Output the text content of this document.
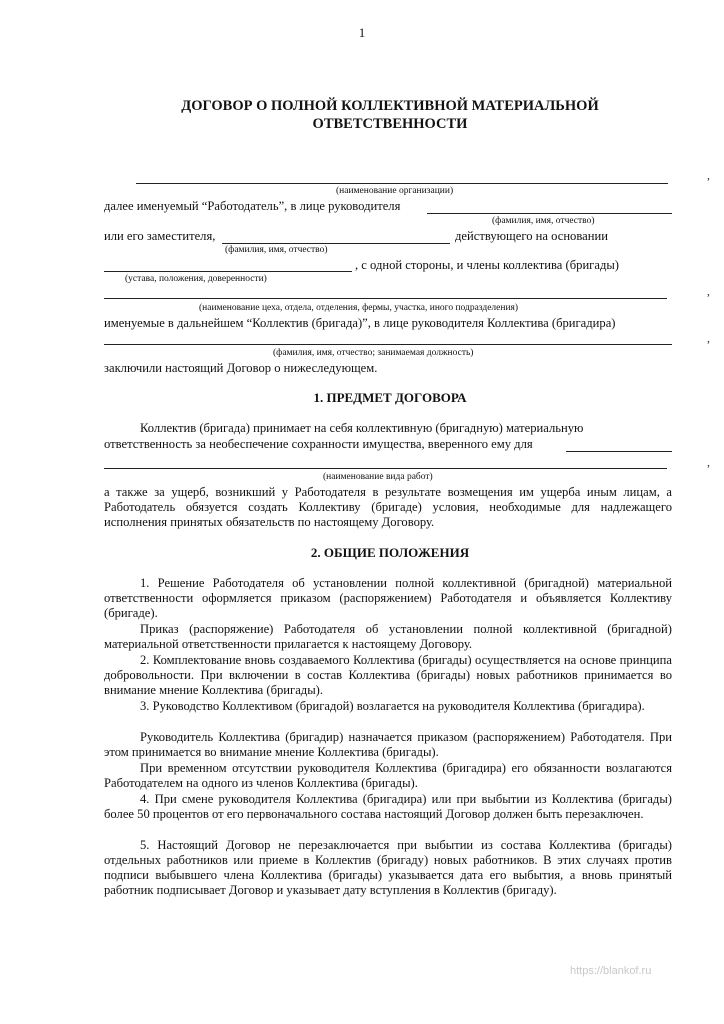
1
ДОГОВОР О ПОЛНОЙ КОЛЛЕКТИВНОЙ МАТЕРИАЛЬНОЙ
ОТВЕТСТВЕННОСТИ
,
(наименование организации)
далее именуемый “Работодатель”, в лице руководителя
(фамилия, имя, отчество)
или его заместителя,	действующего на основании
(фамилия, имя, отчество)
, с одной стороны, и члены коллектива (бригады)
(устава, положения, доверенности)
,
(наименование цеха, отдела, отделения, фермы, участка, иного подразделения)
именуемые в дальнейшем “Коллектив (бригада)”, в лице руководителя Коллектива (бригадира)
,
(фамилия, имя, отчество; занимаемая должность)
заключили настоящий Договор о нижеследующем.
1. ПРЕДМЕТ ДОГОВОРА
Коллектив (бригада) принимает на себя коллективную (бригадную) материальную
ответственность за необеспечение сохранности имущества, вверенного ему для
,
(наименование вида работ)
а также за ущерб, возникший у Работодателя в результате возмещения им ущерба иным лицам, а Работодатель обязуется создать Коллективу (бригаде) условия, необходимые для надлежащего исполнения принятых обязательств по настоящему Договору.
2. ОБЩИЕ ПОЛОЖЕНИЯ
1. Решение Работодателя об установлении полной коллективной (бригадной) материальной ответственности оформляется приказом (распоряжением) Работодателя и объявляется Коллективу (бригаде).
Приказ (распоряжение) Работодателя об установлении полной коллективной (бригадной) материальной ответственности прилагается к настоящему Договору.
2. Комплектование вновь создаваемого Коллектива (бригады) осуществляется на основе принципа добровольности. При включении в состав Коллектива (бригады) новых работников принимается во внимание мнение Коллектива (бригады).
3. Руководство Коллективом (бригадой) возлагается на руководителя Коллектива (бригадира).
Руководитель Коллектива (бригадир) назначается приказом (распоряжением) Работодателя. При этом принимается во внимание мнение Коллектива (бригады).
При временном отсутствии руководителя Коллектива (бригадира) его обязанности возлагаются Работодателем на одного из членов Коллектива (бригады).
4. При смене руководителя Коллектива (бригадира) или при выбытии из Коллектива (бригады) более 50 процентов от его первоначального состава настоящий Договор должен быть перезаключен.
5. Настоящий Договор не перезаключается при выбытии из состава Коллектива (бригады) отдельных работников или приеме в Коллектив (бригаду) новых работников. В этих случаях против подписи выбывшего члена Коллектива (бригады) указывается дата его выбытия, а вновь принятый работник подписывает Договор и указывает дату вступления в Коллектив (бригаду).
https://blankof.ru
